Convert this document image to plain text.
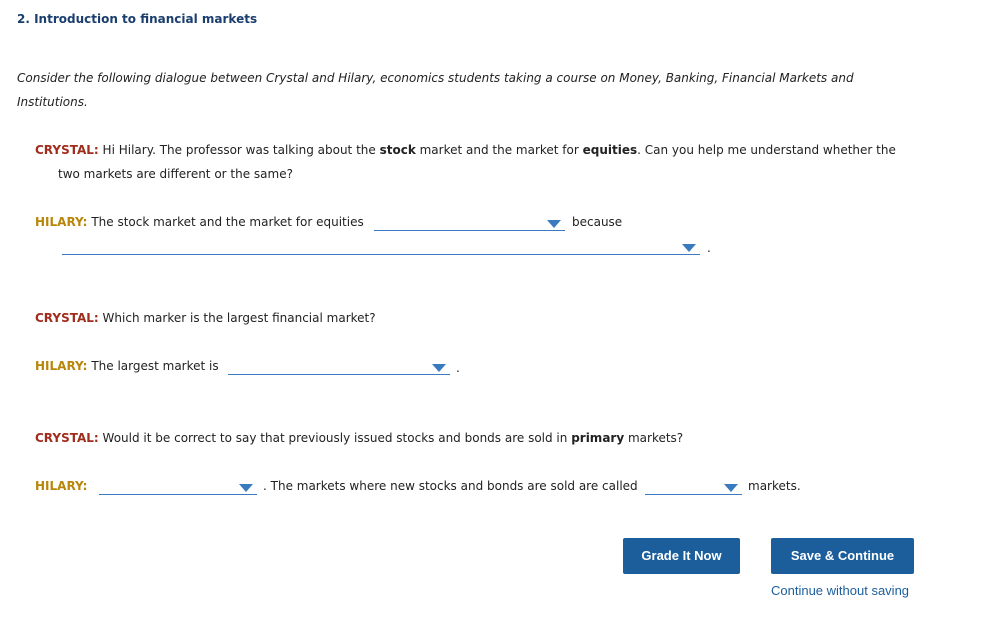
2. Introduction to financial markets
Consider the following dialogue between Crystal and Hilary, economics students taking a course on Money, Banking, Financial Markets and
Institutions.
CRYSTAL: Hi Hilary. The professor was talking about the stock market and the market for equities. Can you help me understand whether the
two markets are different or the same?
HILARY: The stock market and the market for equities	because
.
CRYSTAL: Which marker is the largest financial market?
HILARY: The largest market is	.
CRYSTAL: Would it be correct to say that previously issued stocks and bonds are sold in primary markets?
HILARY:	. The markets where new stocks and bonds are sold are called	markets.
Grade It Now	Save & Continue
Continue without saving
